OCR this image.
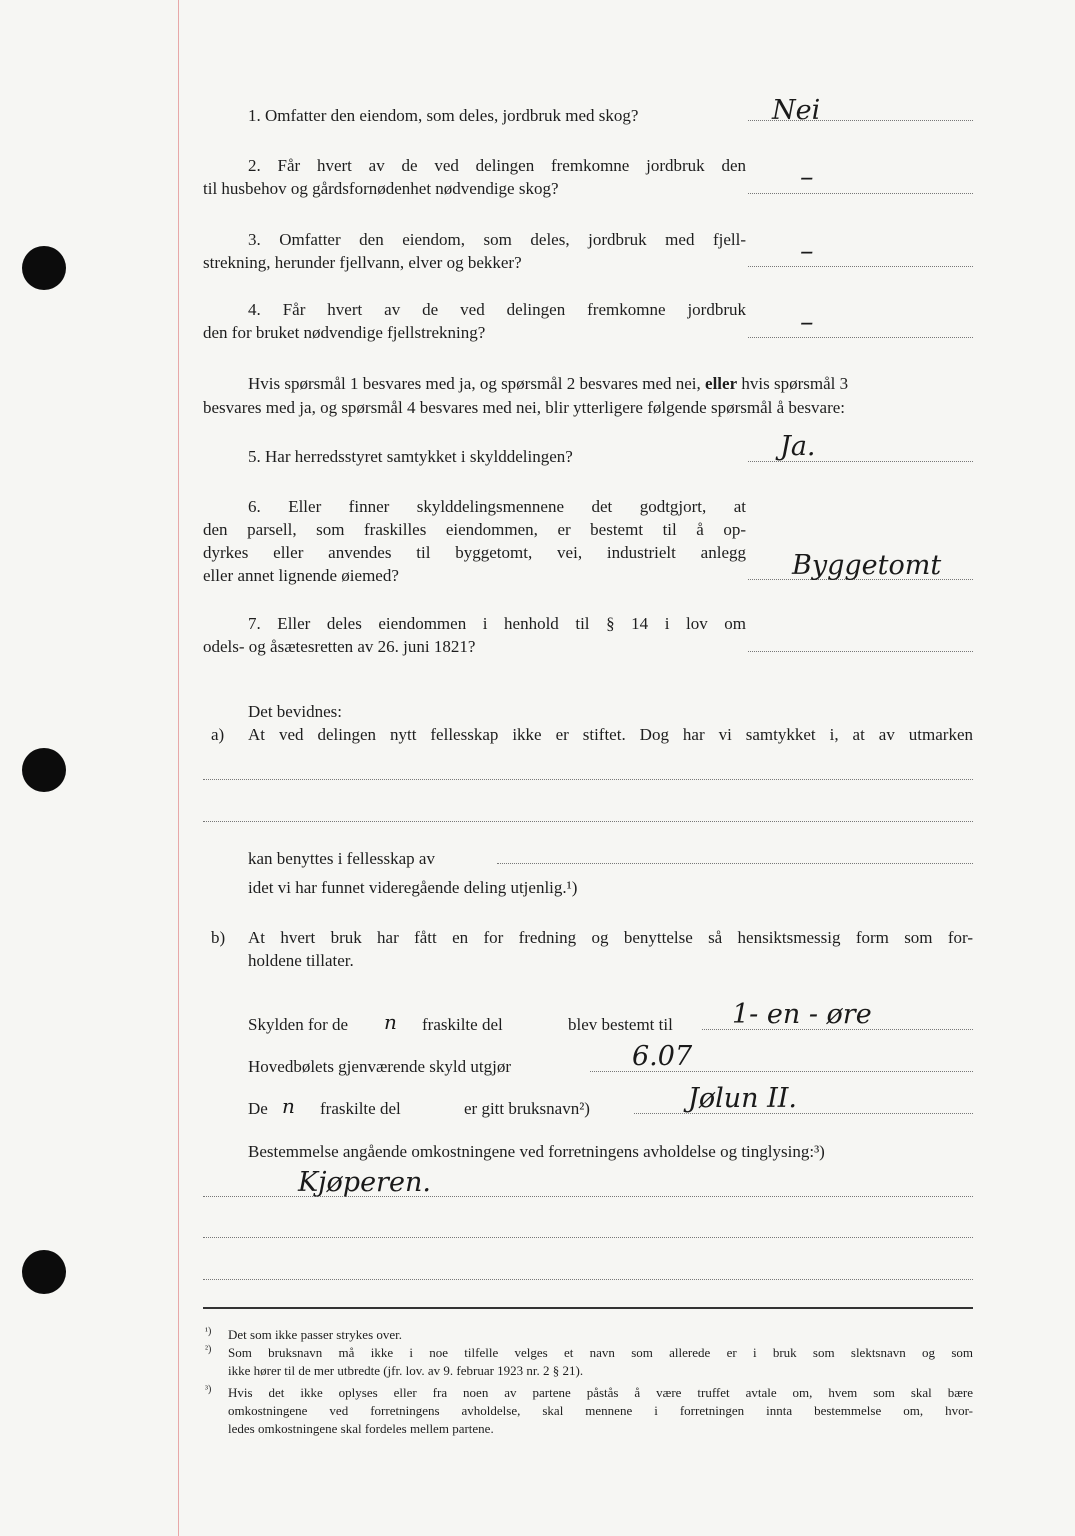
1. Omfatter den eiendom, som deles, jordbruk med skog?	Nei
2. Får hvert av de ved delingen fremkomne jordbruk den
til husbehov og gårdsfornødenhet nødvendige skog?	–
3. Omfatter den eiendom, som deles, jordbruk med fjell-
strekning, herunder fjellvann, elver og bekker?	–
4. Får hvert av de ved delingen fremkomne jordbruk
den for bruket nødvendige fjellstrekning?	–
Hvis spørsmål 1 besvares med ja, og spørsmål 2 besvares med nei, eller hvis spørsmål 3
besvares med ja, og spørsmål 4 besvares med nei, blir ytterligere følgende spørsmål å besvare:
5. Har herredsstyret samtykket i skylddelingen?	Ja.
6. Eller finner skylddelingsmennene det godtgjort, at
den parsell, som fraskilles eiendommen, er bestemt til å op-
dyrkes eller anvendes til byggetomt, vei, industrielt anlegg
eller annet lignende øiemed?	Byggetomt
7. Eller deles eiendommen i henhold til § 14 i lov om
odels- og åsætesretten av 26. juni 1821?
Det bevidnes:
a) At ved delingen nytt fellesskap ikke er stiftet. Dog har vi samtykket i, at av utmarken
kan benyttes i fellesskap av
idet vi har funnet videregående deling utjenlig.¹)
b) At hvert bruk har fått en for fredning og benyttelse så hensiktsmessig form som for-
holdene tillater.
Skylden for de n fraskilte del	blev bestemt til 1- en - øre
Hovedbølets gjenværende skyld utgjør	6.07
De n fraskilte del	er gitt bruksnavn²)	Jølun II.
Bestemmelse angående omkostningene ved forretningens avholdelse og tinglysing:³)
Kjøperen.
¹) Det som ikke passer strykes over.
²) Som bruksnavn må ikke i noe tilfelle velges et navn som allerede er i bruk som slektsnavn og som
ikke hører til de mer utbredte (jfr. lov. av 9. februar 1923 nr. 2 § 21).
³) Hvis det ikke oplyses eller fra noen av partene påstås å være truffet avtale om, hvem som skal bære
omkostningene ved forretningens avholdelse, skal mennene i forretningen innta bestemmelse om, hvor-
ledes omkostningene skal fordeles mellem partene.
